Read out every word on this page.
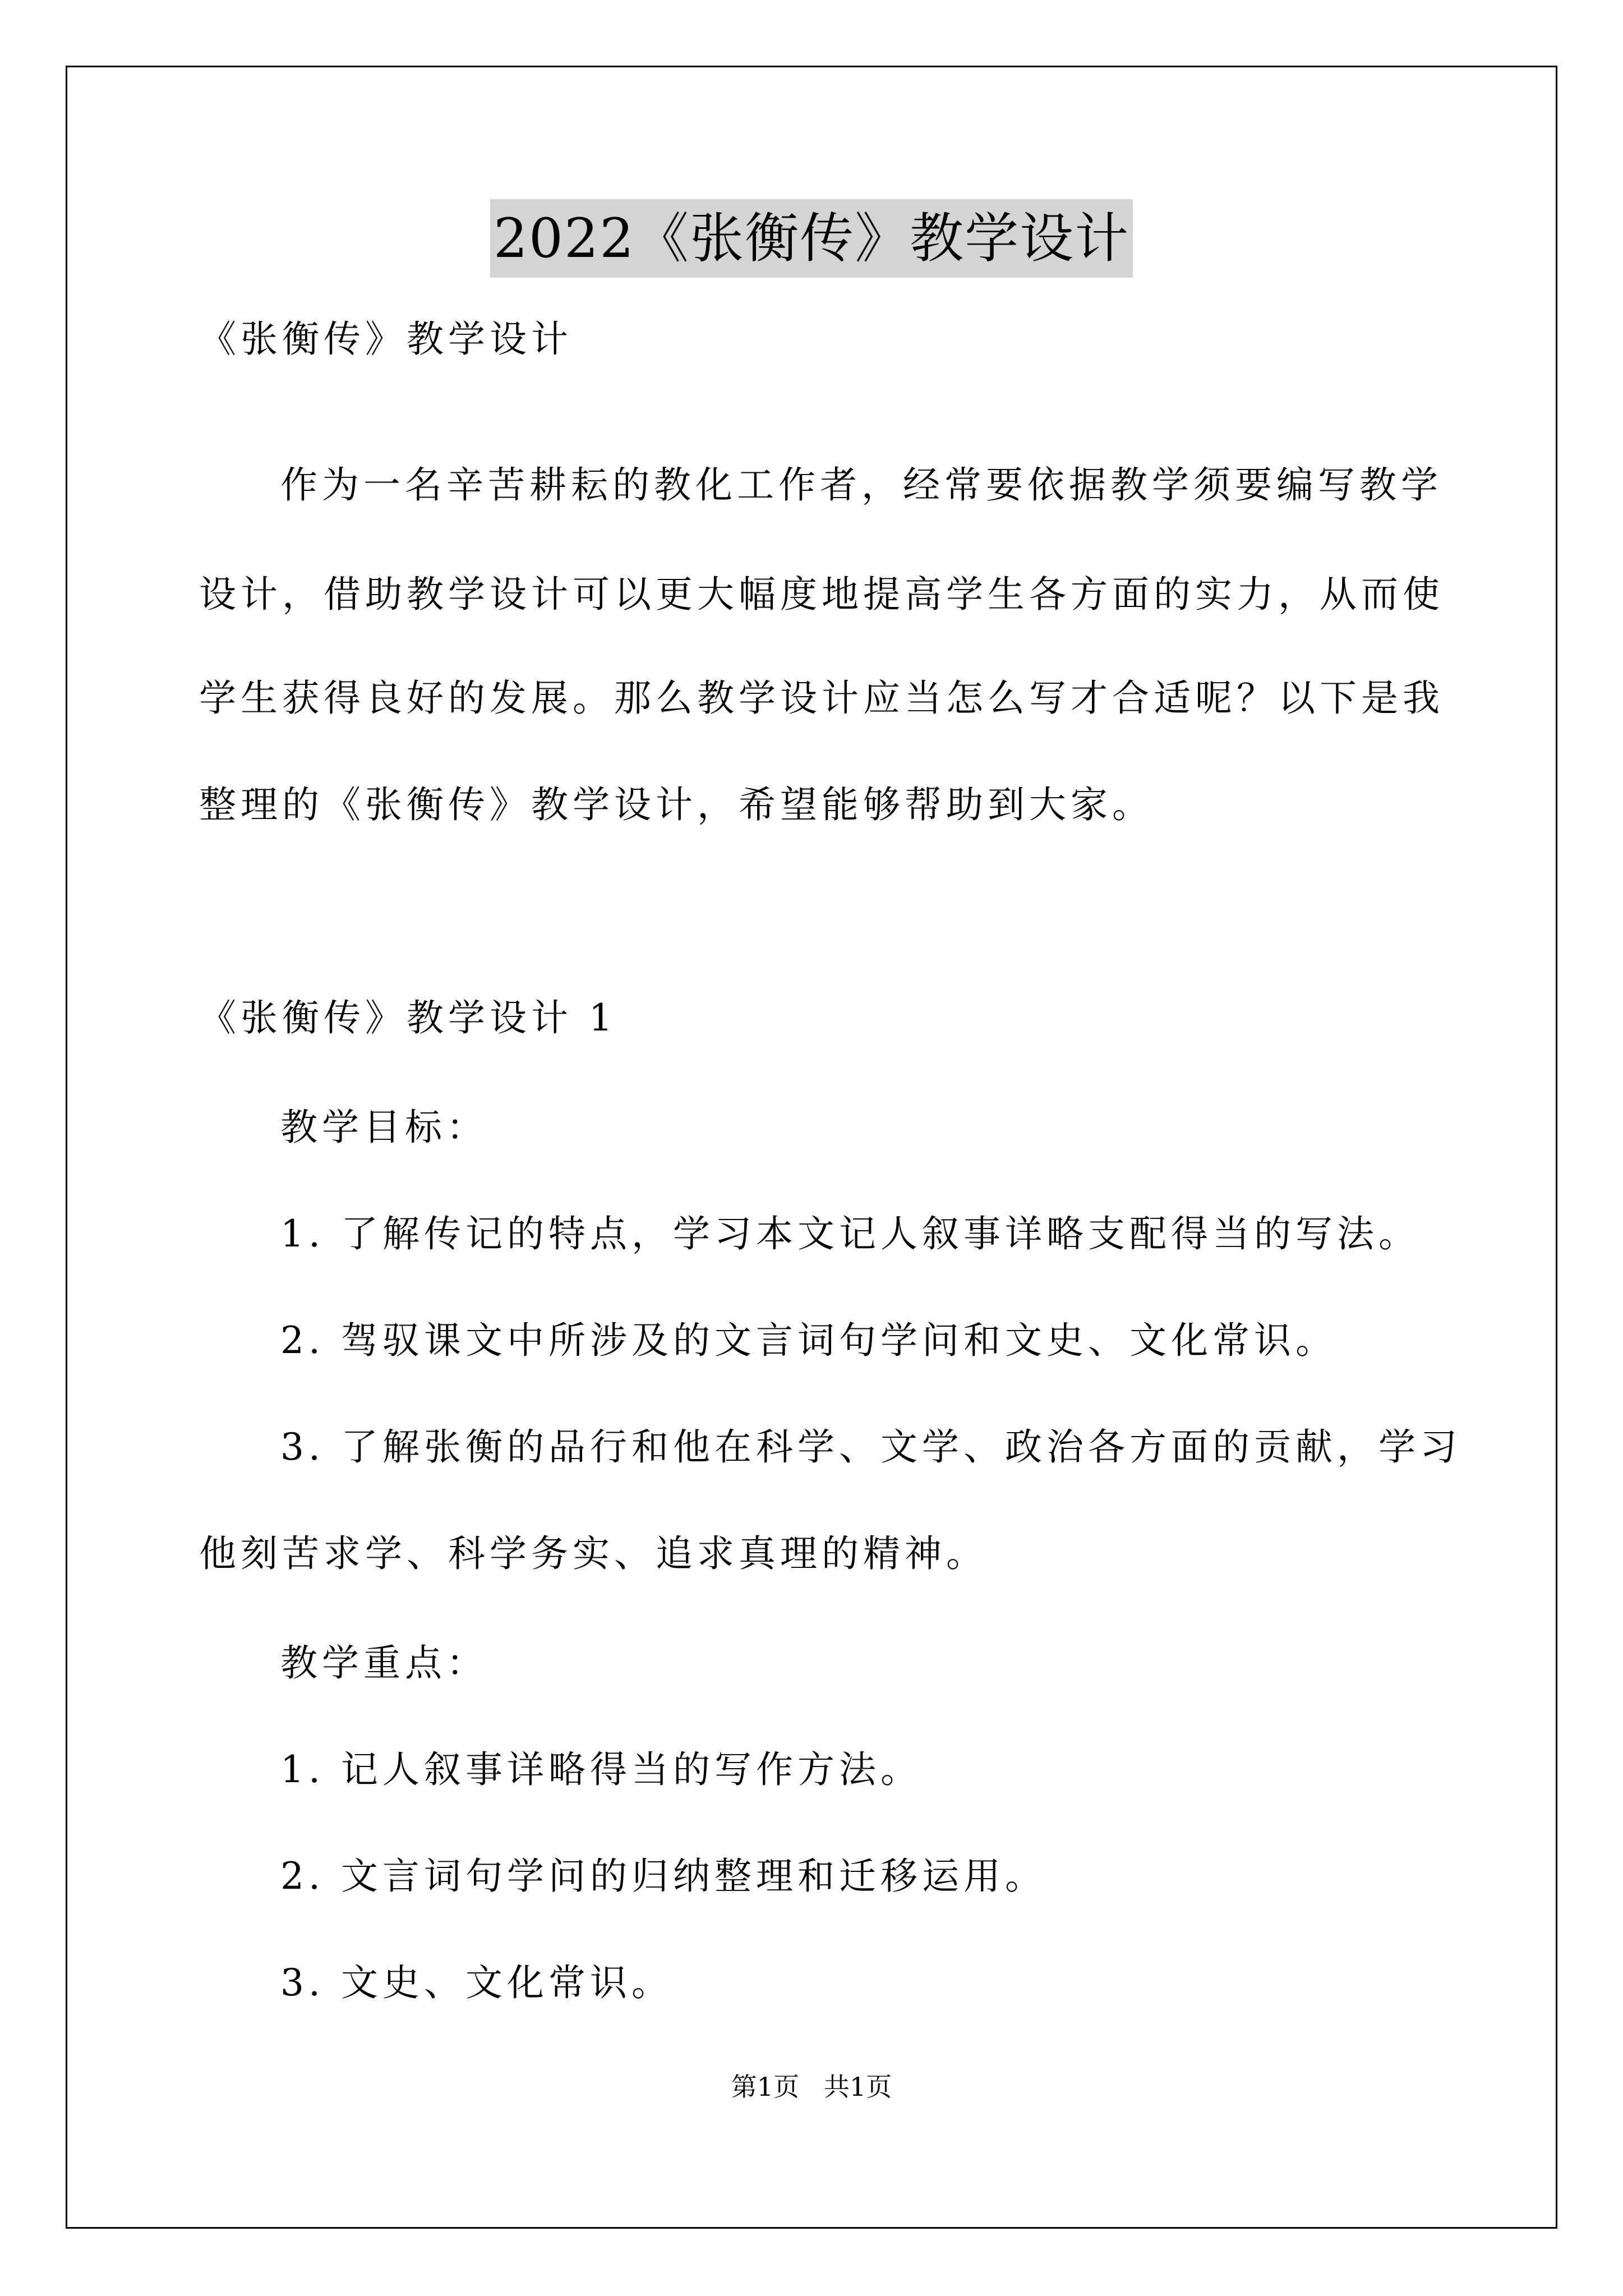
2022《张衡传》教学设计
《张衡传》教学设计
作为一名辛苦耕耘的教化工作者，经常要依据教学须要编写教学
设计，借助教学设计可以更大幅度地提高学生各方面的实力，从而使
学生获得良好的发展。那么教学设计应当怎么写才合适呢？以下是我
整理的《张衡传》教学设计，希望能够帮助到大家。
《张衡传》教学设计 1
教学目标：
1. 了解传记的特点，学习本文记人叙事详略支配得当的写法。
2. 驾驭课文中所涉及的文言词句学问和文史、文化常识。
3. 了解张衡的品行和他在科学、文学、政治各方面的贡献，学习
他刻苦求学、科学务实、追求真理的精神。
教学重点：
1. 记人叙事详略得当的写作方法。
2. 文言词句学问的归纳整理和迁移运用。
3. 文史、文化常识。
第1页   共1页
